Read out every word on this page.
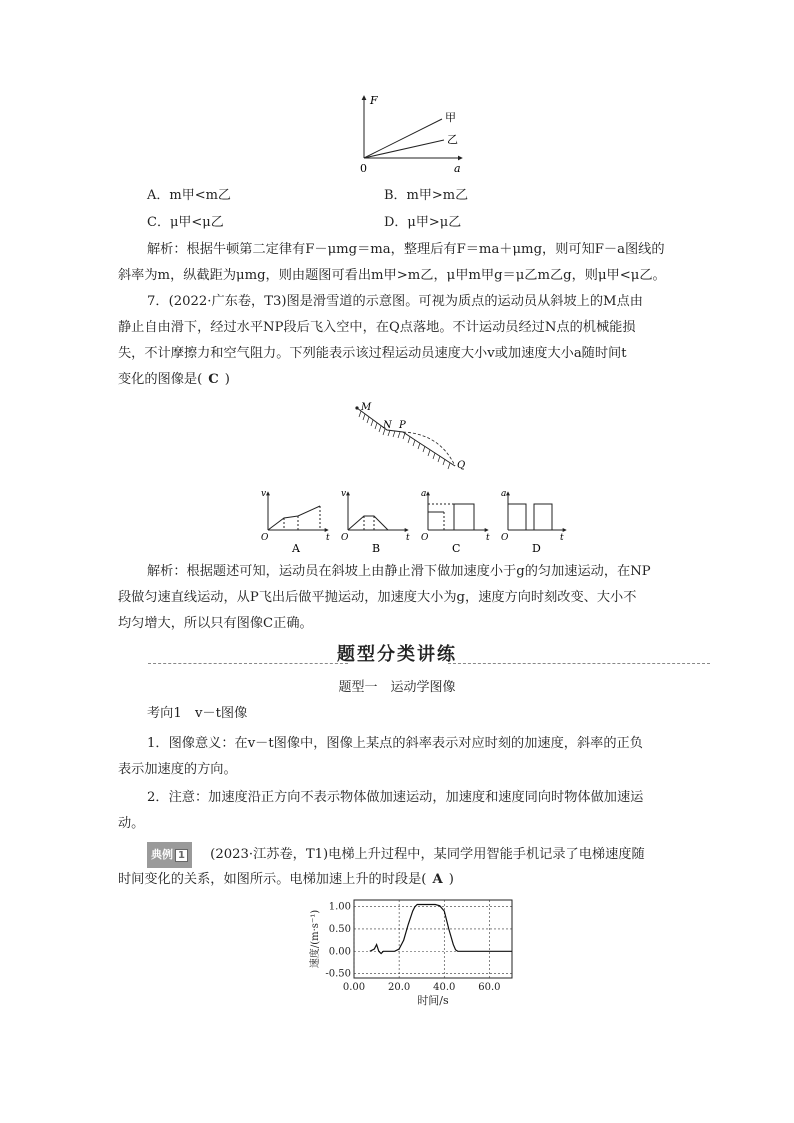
F
a
0
甲
乙
A．m甲<m乙	B．m甲>m乙
C．μ甲<μ乙	D．μ甲>μ乙
解析：根据牛顿第二定律有F－μmg＝ma，整理后有F＝ma＋μmg，则可知F－a图线的
斜率为m，纵截距为μmg，则由题图可看出m甲>m乙，μ甲m甲g＝μ乙m乙g，则μ甲<μ乙。
7．(2022·广东卷，T3)图是滑雪道的示意图。可视为质点的运动员从斜坡上的M点由
静止自由滑下，经过水平NP段后飞入空中，在Q点落地。不计运动员经过N点的机械能损
失，不计摩擦力和空气阻力。下列能表示该过程运动员速度大小v或加速度大小a随时间t
变化的图像是( C )
M
N P
Q
v
t
O
A
v
t
O
B
a
t
O
C
a
t
O
D
解析：根据题述可知，运动员在斜坡上由静止滑下做加速度小于g的匀加速运动，在NP
段做匀速直线运动，从P飞出后做平抛运动，加速度大小为g，速度方向时刻改变、大小不
均匀增大，所以只有图像C正确。
题型分类讲练
题型一　运动学图像
考向1　v－t图像
1．图像意义：在v－t图像中，图像上某点的斜率表示对应时刻的加速度，斜率的正负
表示加速度的方向。
2．注意：加速度沿正方向不表示物体做加速运动，加速度和速度同向时物体做加速运
动。
典例 1 (2023·江苏卷，T1)电梯上升过程中，某同学用智能手机记录了电梯速度随
时间变化的关系，如图所示。电梯加速上升的时段是( A )
1.00
0.50
0.00
-0.50
0.00 20.0 40.0 60.0
时间/s
速度/(m·s⁻¹)
